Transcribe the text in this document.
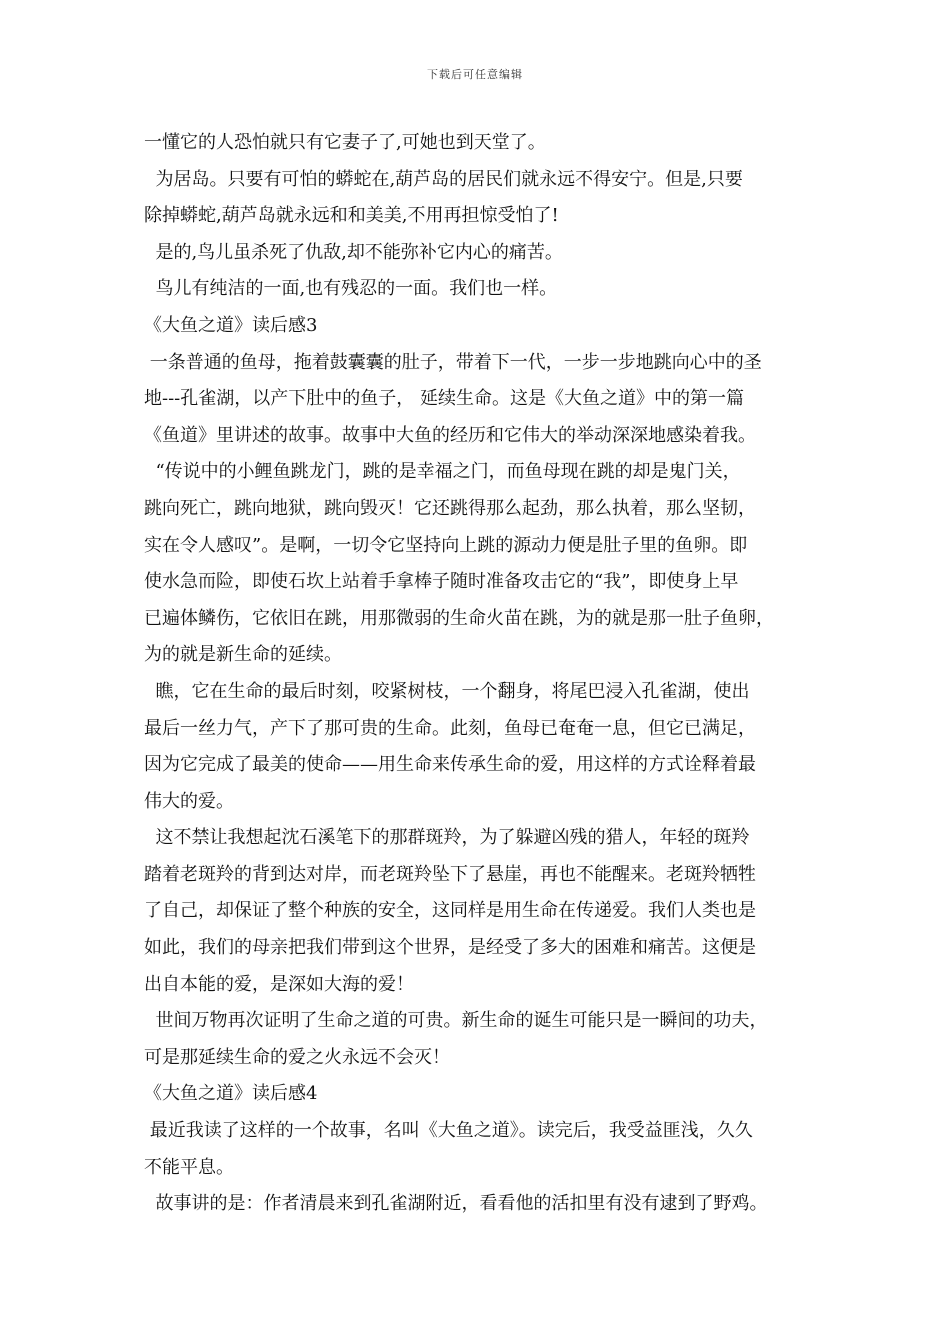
下载后可任意编辑
一懂它的人恐怕就只有它妻子了,可她也到天堂了。
为居岛。只要有可怕的蟒蛇在,葫芦岛的居民们就永远不得安宁。但是,只要
除掉蟒蛇,葫芦岛就永远和和美美,不用再担惊受怕了!
是的,鸟儿虽杀死了仇敌,却不能弥补它内心的痛苦。
鸟儿有纯洁的一面,也有残忍的一面。我们也一样。
《大鱼之道》读后感3
一条普通的鱼母，拖着鼓囊囊的肚子，带着下一代，一步一步地跳向心中的圣
地---孔雀湖，以产下肚中的鱼子， 延续生命。这是《大鱼之道》中的第一篇
《鱼道》里讲述的故事。故事中大鱼的经历和它伟大的举动深深地感染着我。
“传说中的小鲤鱼跳龙门，跳的是幸福之门，而鱼母现在跳的却是鬼门关，
跳向死亡，跳向地狱，跳向毁灭！它还跳得那么起劲，那么执着，那么坚韧，
实在令人感叹”。是啊，一切令它坚持向上跳的源动力便是肚子里的鱼卵。即
使水急而险，即使石坎上站着手拿棒子随时准备攻击它的“我”，即使身上早
已遍体鳞伤，它依旧在跳，用那微弱的生命火苗在跳，为的就是那一肚子鱼卵，
为的就是新生命的延续。
瞧，它在生命的最后时刻，咬紧树枝，一个翻身，将尾巴浸入孔雀湖，使出
最后一丝力气，产下了那可贵的生命。此刻，鱼母已奄奄一息，但它已满足，
因为它完成了最美的使命——用生命来传承生命的爱，用这样的方式诠释着最
伟大的爱。
这不禁让我想起沈石溪笔下的那群斑羚，为了躲避凶残的猎人，年轻的斑羚
踏着老斑羚的背到达对岸，而老斑羚坠下了悬崖，再也不能醒来。老斑羚牺牲
了自己，却保证了整个种族的安全，这同样是用生命在传递爱。我们人类也是
如此，我们的母亲把我们带到这个世界，是经受了多大的困难和痛苦。这便是
出自本能的爱，是深如大海的爱！
世间万物再次证明了生命之道的可贵。新生命的诞生可能只是一瞬间的功夫，
可是那延续生命的爱之火永远不会灭！
《大鱼之道》读后感4
最近我读了这样的一个故事，名叫《大鱼之道》。读完后，我受益匪浅，久久
不能平息。
故事讲的是：作者清晨来到孔雀湖附近，看看他的活扣里有没有逮到了野鸡。
